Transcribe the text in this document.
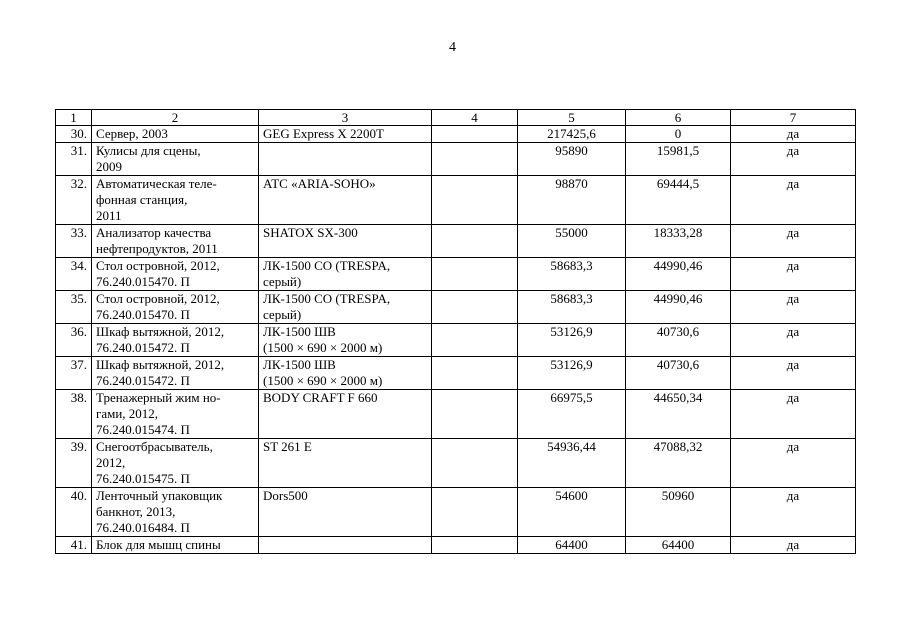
4
1	2	3	4	5	6	7
30.	Сервер, 2003	GEG Express X 2200T		217425,6	0	да
31.	Кулисы для сцены,
2009			95890	15981,5	да
32.	Автоматическая теле-
фонная станция,
2011	АТС «ARIA-SOHO»		98870	69444,5	да
33.	Анализатор качества
нефтепродуктов, 2011	SHATOX SX-300		55000	18333,28	да
34.	Стол островной, 2012,
76.240.015470. П	ЛК-1500 СО (TRESPA,
серый)		58683,3	44990,46	да
35.	Стол островной, 2012,
76.240.015470. П	ЛК-1500 СО (TRESPA,
серый)		58683,3	44990,46	да
36.	Шкаф вытяжной, 2012,
76.240.015472. П	ЛК-1500 ШВ
(1500 × 690 × 2000 м)		53126,9	40730,6	да
37.	Шкаф вытяжной, 2012,
76.240.015472. П	ЛК-1500 ШВ
(1500 × 690 × 2000 м)		53126,9	40730,6	да
38.	Тренажерный жим но-
гами, 2012,
76.240.015474. П	BODY CRAFT F 660		66975,5	44650,34	да
39.	Снегоотбрасыватель,
2012,
76.240.015475. П	ST 261 E		54936,44	47088,32	да
40.	Ленточный упаковщик
банкнот, 2013,
76.240.016484. П	Dors500		54600	50960	да
41.	Блок для мышц спины			64400	64400	да
